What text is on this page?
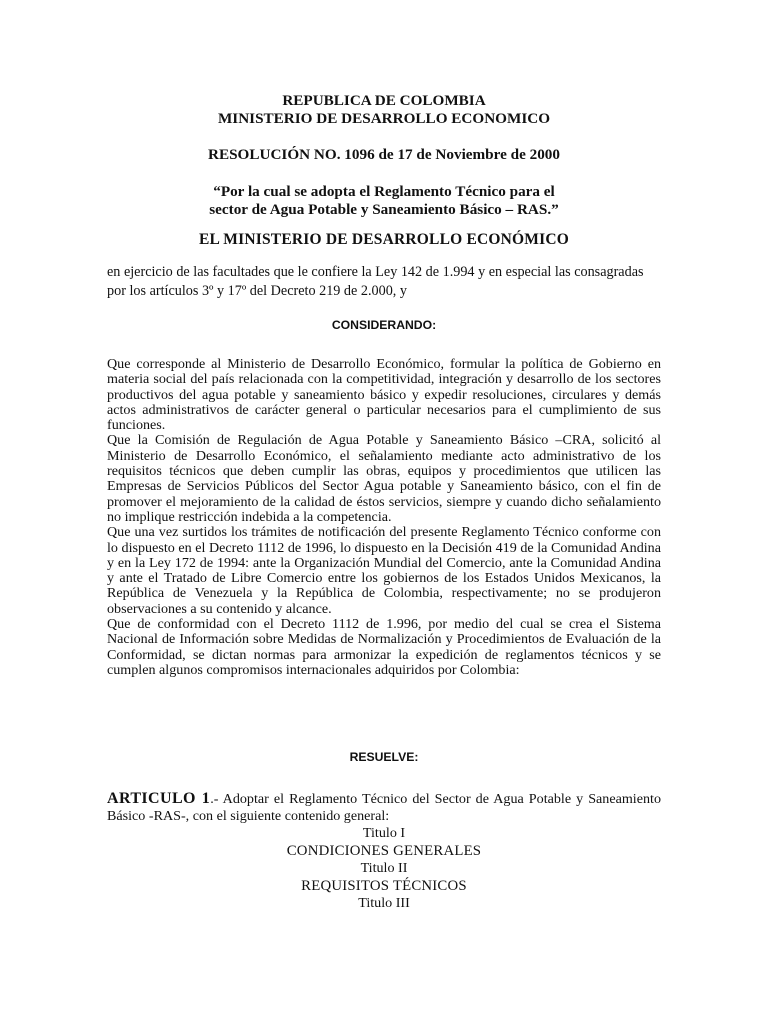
REPUBLICA DE COLOMBIA
MINISTERIO DE DESARROLLO ECONOMICO
RESOLUCIÓN NO. 1096 de 17 de Noviembre de 2000
“Por la cual se adopta el Reglamento Técnico para el sector de Agua Potable y Saneamiento Básico – RAS.”
EL MINISTERIO DE DESARROLLO ECONÓMICO
en ejercicio de las facultades que le confiere la Ley 142 de 1.994 y en especial las consagradas por los artículos 3º y 17º del Decreto 219 de 2.000, y
CONSIDERANDO:

Que corresponde al Ministerio de Desarrollo Económico, formular la política de Gobierno en materia social del país relacionada con la competitividad, integración y desarrollo de los sectores productivos del agua potable y saneamiento básico y expedir resoluciones, circulares y demás actos administrativos de carácter general o particular necesarios para el cumplimiento de sus funciones.

Que la Comisión de Regulación de Agua Potable y Saneamiento Básico –CRA, solicitó al Ministerio de Desarrollo Económico, el señalamiento mediante acto administrativo de los requisitos técnicos que deben cumplir las obras, equipos y procedimientos que utilicen las Empresas de Servicios Públicos del Sector Agua potable y Saneamiento básico, con el fin de promover el mejoramiento de la calidad de éstos servicios, siempre y cuando dicho señalamiento no implique restricción indebida a la competencia.

Que una vez surtidos los trámites de notificación del presente Reglamento Técnico conforme con lo dispuesto en el Decreto 1112 de 1996, lo dispuesto en la Decisión 419 de la Comunidad Andina y en la Ley 172 de 1994: ante la Organización Mundial del Comercio, ante la Comunidad Andina y ante el Tratado de Libre Comercio entre los gobiernos de los Estados Unidos Mexicanos, la República de Venezuela y la República de Colombia, respectivamente; no se produjeron observaciones a su contenido y alcance.

Que de conformidad con el Decreto 1112 de 1.996, por medio del cual se crea el Sistema Nacional de Información sobre Medidas de Normalización y Procedimientos de Evaluación de la Conformidad, se dictan normas para armonizar la expedición de reglamentos técnicos y se cumplen algunos compromisos internacionales adquiridos por Colombia:

RESUELVE:
ARTICULO 1.- Adoptar el Reglamento Técnico del Sector de Agua Potable y Saneamiento Básico -RAS-, con el siguiente contenido general:
Titulo I
CONDICIONES GENERALES
Titulo II
REQUISITOS TÉCNICOS
Titulo III
